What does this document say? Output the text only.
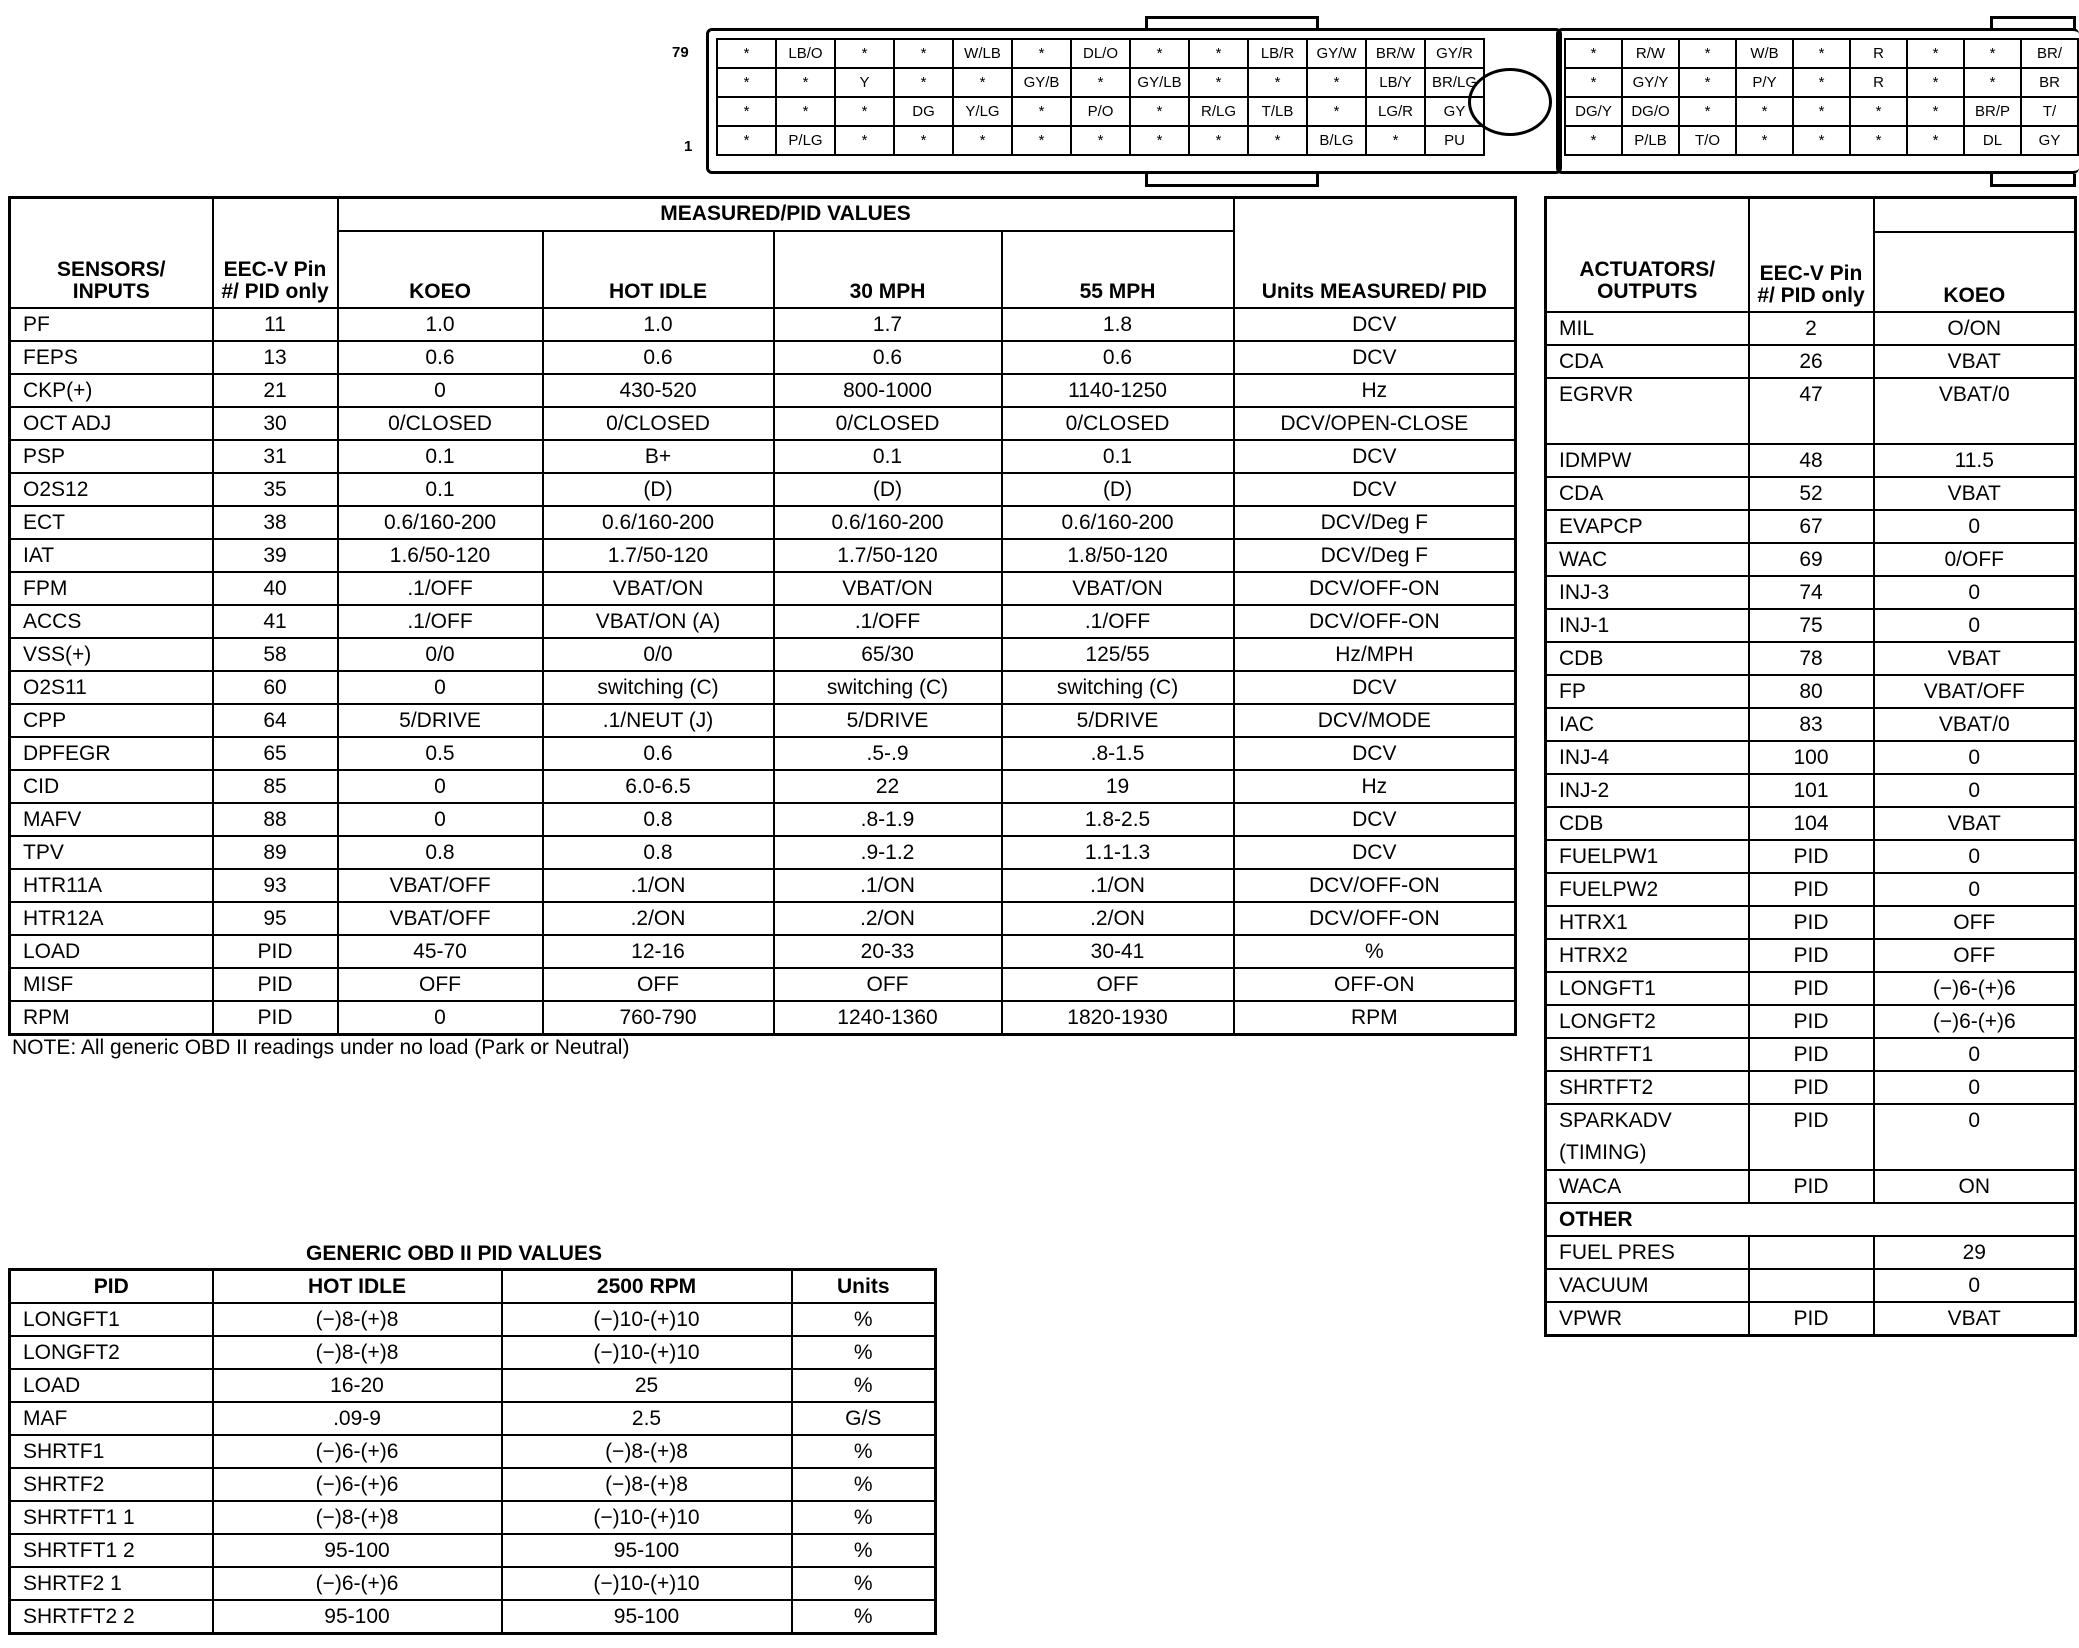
79
1
*	LB/O	*	*	W/LB	*	DL/O	*	*	LB/R	GY/W	BR/W	GY/R
*	*	Y	*	*	GY/B	*	GY/LB	*	*	*	LB/Y	BR/LG
*	*	*	DG	Y/LG	*	P/O	*	R/LG	T/LB	*	LG/R	GY
*	P/LG	*	*	*	*	*	*	*	*	B/LG	*	PU
*	R/W	*	W/B	*	R	*	*	BR/
*	GY/Y	*	P/Y	*	R	*	*	BR
DG/Y	DG/O	*	*	*	*	*	BR/P	T/
*	P/LB	T/O	*	*	*	*	DL	GY
SENSORS/ INPUTS	EEC-V Pin #/ PID only	MEASURED/PID VALUES				Units MEASURED/ PID
		KOEO	HOT IDLE	30 MPH	55 MPH	
PF	11	1.0	1.0	1.7	1.8	DCV
FEPS	13	0.6	0.6	0.6	0.6	DCV
CKP(+)	21	0	430-520	800-1000	1140-1250	Hz
OCT ADJ	30	0/CLOSED	0/CLOSED	0/CLOSED	0/CLOSED	DCV/OPEN-CLOSE
PSP	31	0.1	B+	0.1	0.1	DCV
O2S12	35	0.1	(D)	(D)	(D)	DCV
ECT	38	0.6/160-200	0.6/160-200	0.6/160-200	0.6/160-200	DCV/Deg F
IAT	39	1.6/50-120	1.7/50-120	1.7/50-120	1.8/50-120	DCV/Deg F
FPM	40	.1/OFF	VBAT/ON	VBAT/ON	VBAT/ON	DCV/OFF-ON
ACCS	41	.1/OFF	VBAT/ON (A)	.1/OFF	.1/OFF	DCV/OFF-ON
VSS(+)	58	0/0	0/0	65/30	125/55	Hz/MPH
O2S11	60	0	switching (C)	switching (C)	switching (C)	DCV
CPP	64	5/DRIVE	.1/NEUT (J)	5/DRIVE	5/DRIVE	DCV/MODE
DPFEGR	65	0.5	0.6	.5-.9	.8-1.5	DCV
CID	85	0	6.0-6.5	22	19	Hz
MAFV	88	0	0.8	.8-1.9	1.8-2.5	DCV
TPV	89	0.8	0.8	.9-1.2	1.1-1.3	DCV
HTR11A	93	VBAT/OFF	.1/ON	.1/ON	.1/ON	DCV/OFF-ON
HTR12A	95	VBAT/OFF	.2/ON	.2/ON	.2/ON	DCV/OFF-ON
LOAD	PID	45-70	12-16	20-33	30-41	%
MISF	PID	OFF	OFF	OFF	OFF	OFF-ON
RPM	PID	0	760-790	1240-1360	1820-1930	RPM
NOTE: All generic OBD II readings under no load (Park or Neutral)
ACTUATORS/ OUTPUTS	EEC-V Pin #/ PID only	
		KOEO
MIL	2	O/ON
CDA	26	VBAT
EGRVR	47	VBAT/0
IDMPW	48	11.5
CDA	52	VBAT
EVAPCP	67	0
WAC	69	0/OFF
INJ-3	74	0
INJ-1	75	0
CDB	78	VBAT
FP	80	VBAT/OFF
IAC	83	VBAT/0
INJ-4	100	0
INJ-2	101	0
CDB	104	VBAT
FUELPW1	PID	0
FUELPW2	PID	0
HTRX1	PID	OFF
HTRX2	PID	OFF
LONGFT1	PID	(−)6-(+)6
LONGFT2	PID	(−)6-(+)6
SHRTFT1	PID	0
SHRTFT2	PID	0
SPARKADV (TIMING)	PID	0
WACA	PID	ON
OTHER		
FUEL PRES		29
VACUUM		0
VPWR	PID	VBAT
GENERIC OBD II PID VALUES
PID	HOT IDLE	2500 RPM	Units
LONGFT1	(−)8-(+)8	(−)10-(+)10	%
LONGFT2	(−)8-(+)8	(−)10-(+)10	%
LOAD	16-20	25	%
MAF	.09-9	2.5	G/S
SHRTF1	(−)6-(+)6	(−)8-(+)8	%
SHRTF2	(−)6-(+)6	(−)8-(+)8	%
SHRTFT1 1	(−)8-(+)8	(−)10-(+)10	%
SHRTFT1 2	95-100	95-100	%
SHRTF2 1	(−)6-(+)6	(−)10-(+)10	%
SHRTFT2 2	95-100	95-100	%
